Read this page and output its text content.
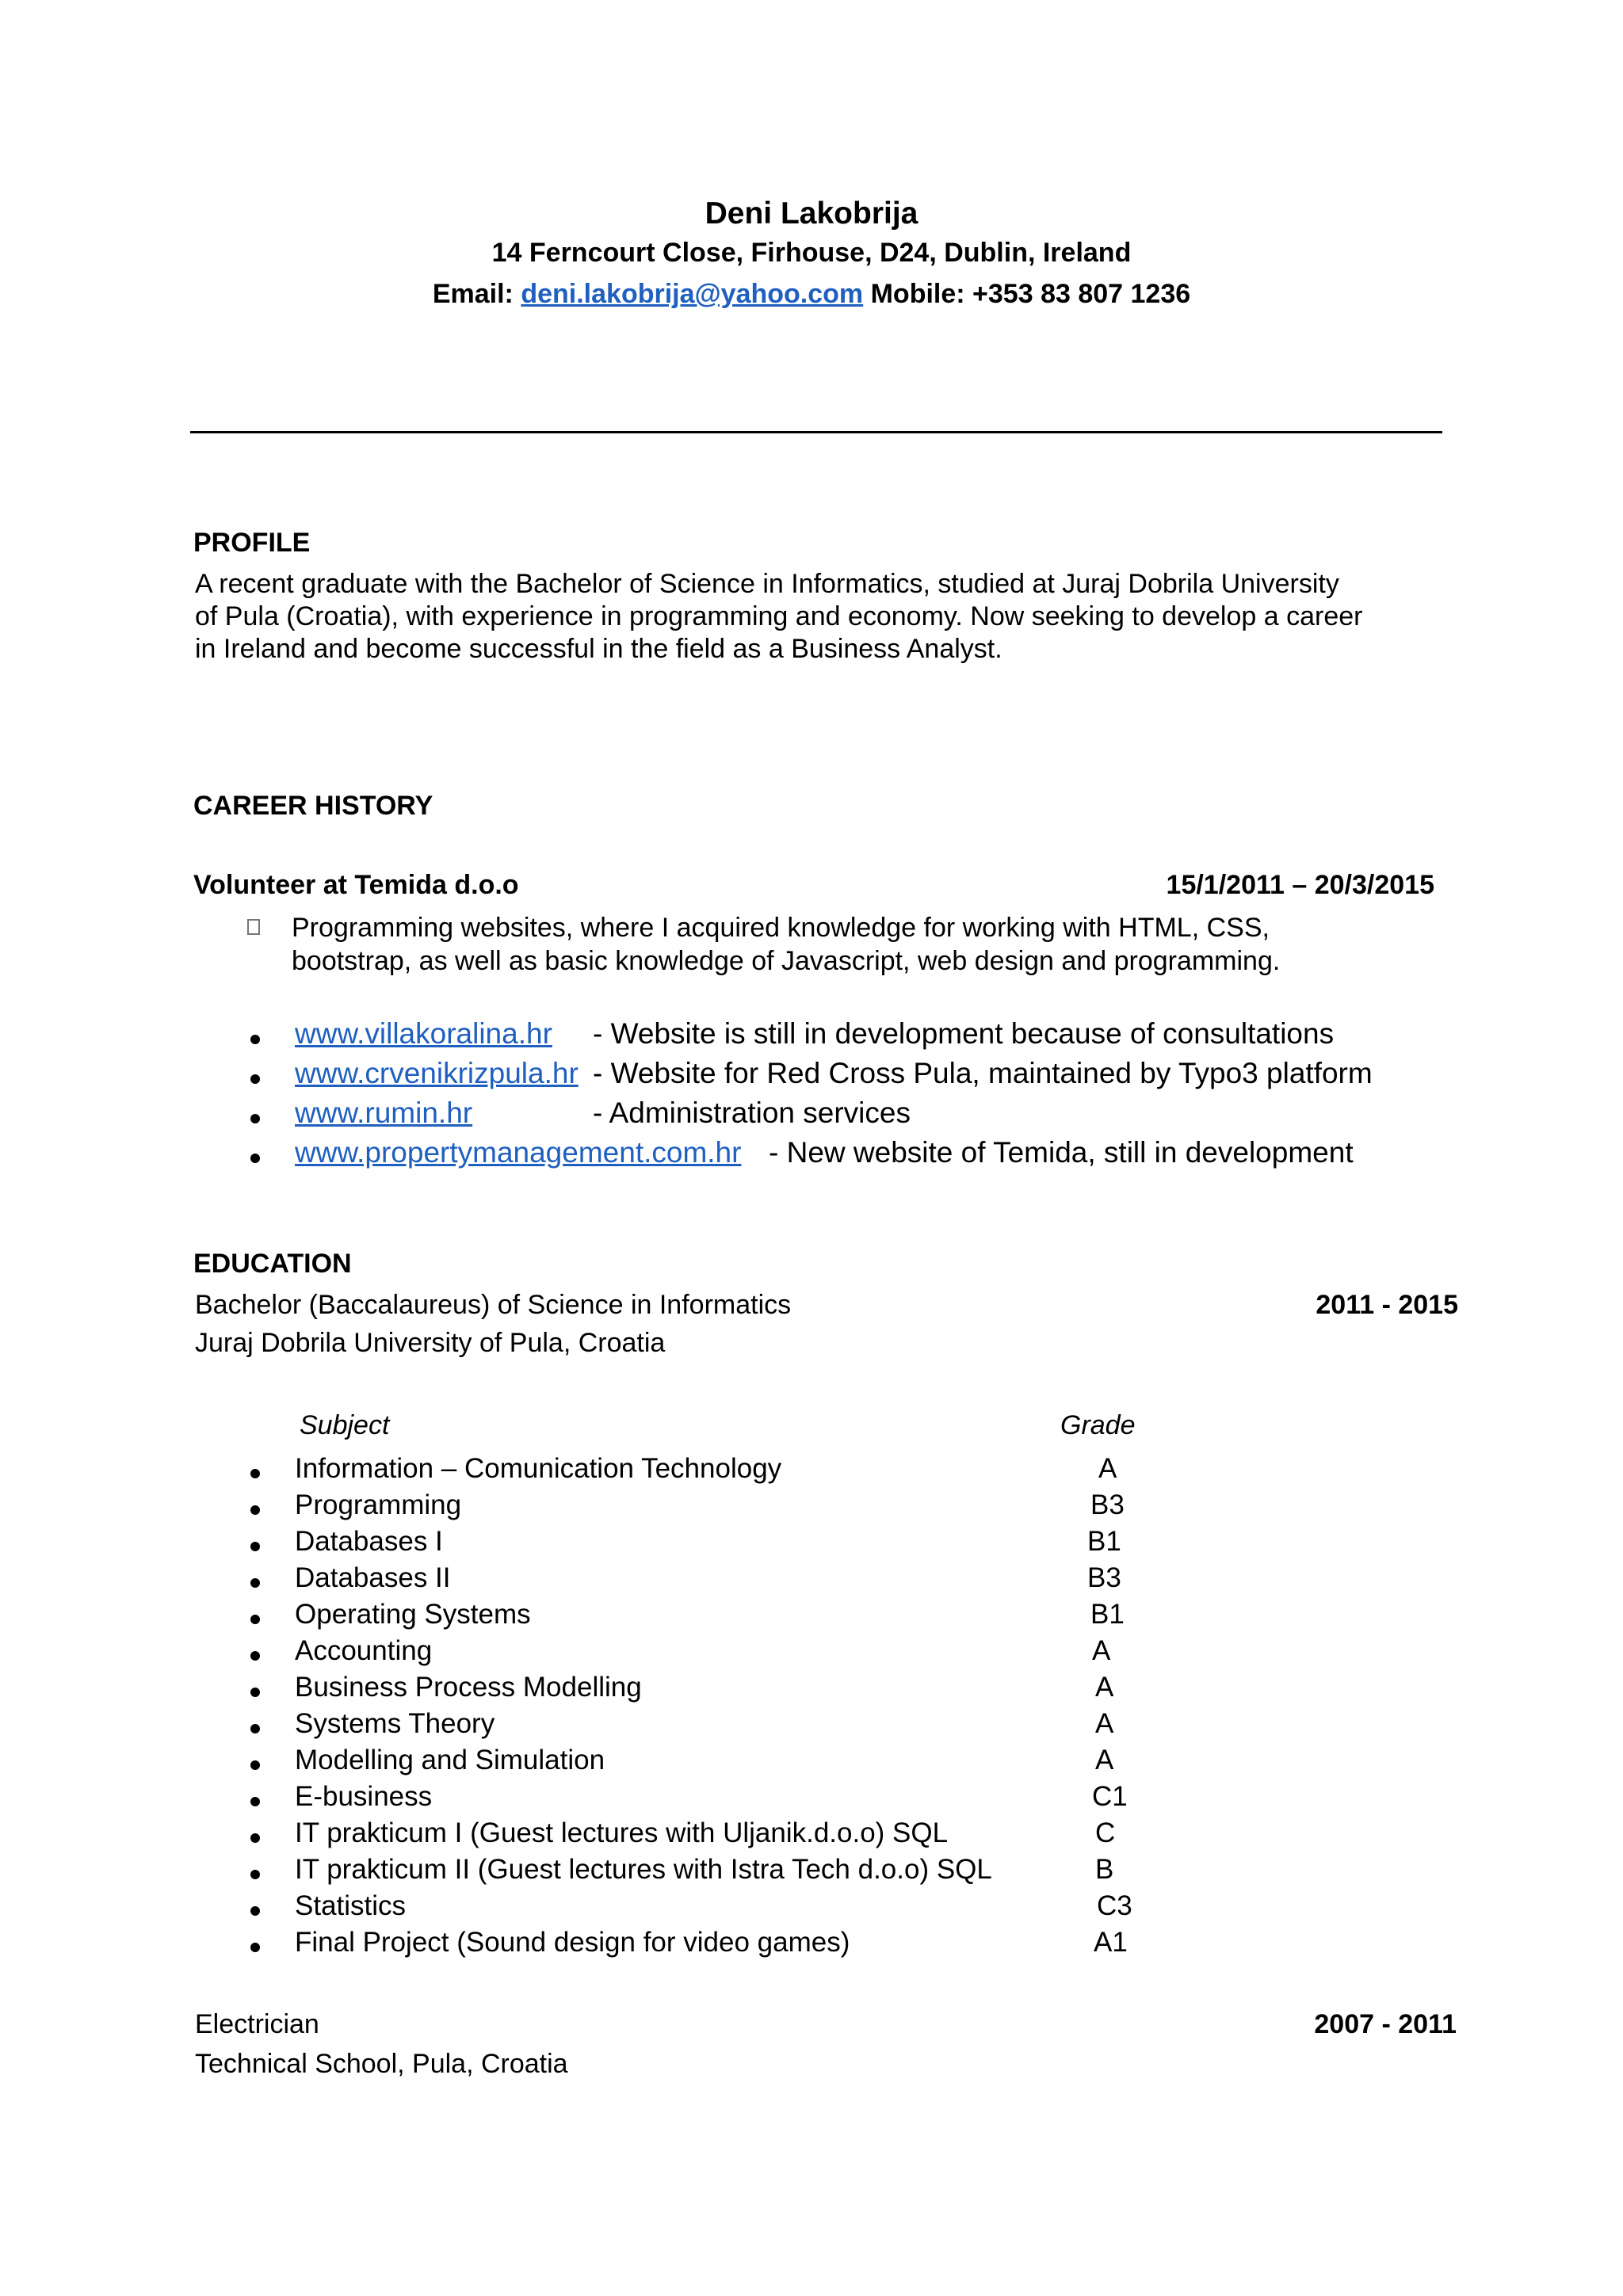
Deni Lakobrija
14 Ferncourt Close, Firhouse, D24, Dublin, Ireland
Email: deni.lakobrija@yahoo.com Mobile: +353 83 807 1236
PROFILE
A recent graduate with the Bachelor of Science in Informatics, studied at Juraj Dobrila University
of Pula (Croatia), with experience in programming and economy. Now seeking to develop a career
in Ireland and become successful in the field as a Business Analyst.
CAREER HISTORY
Volunteer at Temida d.o.o	15/1/2011 – 20/3/2015
Programming websites, where I acquired knowledge for working with HTML, CSS,
bootstrap, as well as basic knowledge of Javascript, web design and programming.
www.villakoralina.hr - Website is still in development because of consultations
www.crvenikrizpula.hr - Website for Red Cross Pula, maintained by Typo3 platform
www.rumin.hr	- Administration services
www.propertymanagement.com.hr - New website of Temida, still in development
EDUCATION
Bachelor (Baccalaureus) of Science in Informatics	2011 - 2015
Juraj Dobrila University of Pula, Croatia
Subject	Grade
Information – Comunication Technology	A
Programming	B3
Databases I	B1
Databases II	B3
Operating Systems	B1
Accounting	A
Business Process Modelling	A
Systems Theory	A
Modelling and Simulation	A
E-business	C1
IT prakticum I (Guest lectures with Uljanik.d.o.o) SQL	C
IT prakticum II (Guest lectures with Istra Tech d.o.o) SQL	B
Statistics	C3
Final Project (Sound design for video games)	A1
Electrician	2007 - 2011
Technical School, Pula, Croatia
